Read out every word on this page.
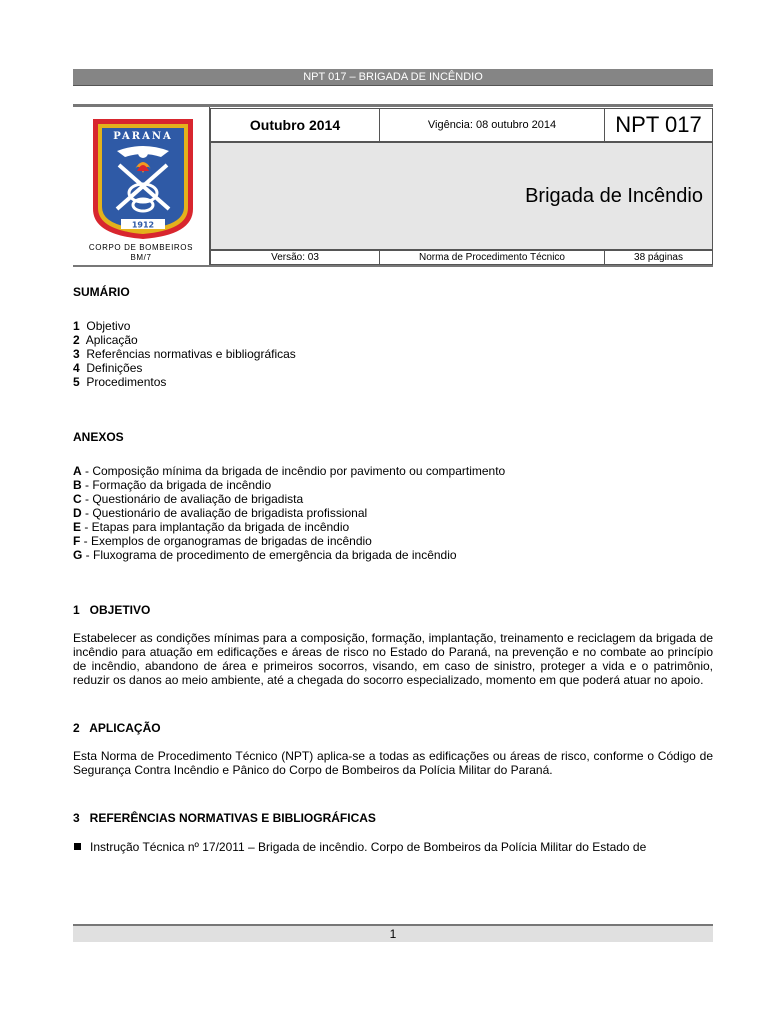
NPT 017 – BRIGADA DE INCÊNDIO
PARANA
1912
CORPO DE BOMBEIROS
BM/7
Outubro 2014	Vigência: 08 outubro 2014	NPT 017
Brigada de Incêndio
Versão: 03	Norma de Procedimento Técnico	38 páginas

SUMÁRIO

1 Objetivo
2 Aplicação
3 Referências normativas e bibliográficas
4 Definições
5 Procedimentos

ANEXOS

A - Composição mínima da brigada de incêndio por pavimento ou compartimento
B - Formação da brigada de incêndio
C - Questionário de avaliação de brigadista
D - Questionário de avaliação de brigadista profissional
E - Etapas para implantação da brigada de incêndio
F - Exemplos de organogramas de brigadas de incêndio
G - Fluxograma de procedimento de emergência da brigada de incêndio

1   OBJETIVO

Estabelecer as condições mínimas para a composição, formação, implantação, treinamento e reciclagem da brigada de incêndio para atuação em edificações e áreas de risco no Estado do Paraná, na prevenção e no combate ao princípio de incêndio, abandono de área e primeiros socorros, visando, em caso de sinistro, proteger a vida e o patrimônio, reduzir os danos ao meio ambiente, até a chegada do socorro especializado, momento em que poderá atuar no apoio.

2   APLICAÇÃO

Esta Norma de Procedimento Técnico (NPT) aplica-se a todas as edificações ou áreas de risco, conforme o Código de Segurança Contra Incêndio e Pânico do Corpo de Bombeiros da Polícia Militar do Paraná.

3   REFERÊNCIAS NORMATIVAS E BIBLIOGRÁFICAS

Instrução Técnica nº 17/2011 – Brigada de incêndio. Corpo de Bombeiros da Polícia Militar do Estado de

1
